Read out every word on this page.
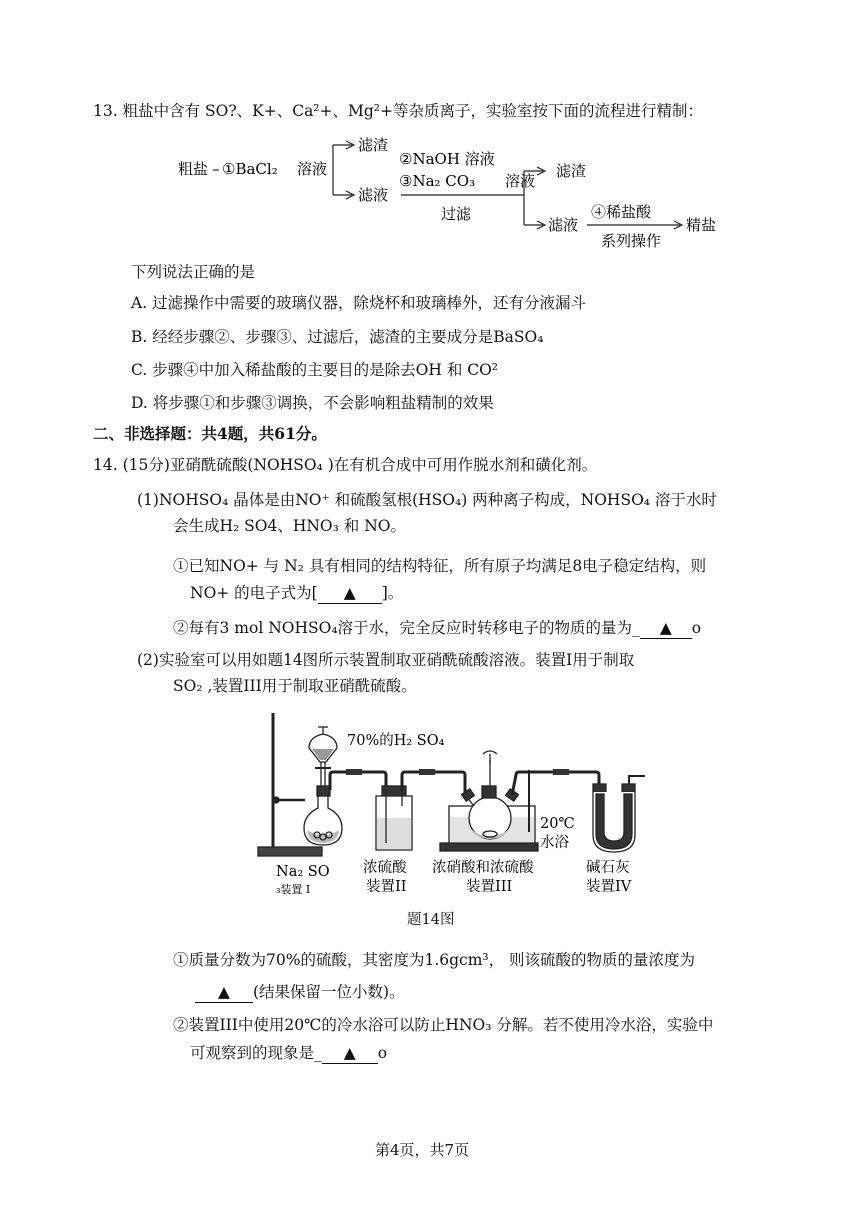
13. 粗盐中含有 SO?、K+、Ca²+、Mg²+等杂质离子，实验室按下面的流程进行精制：
粗盐 – ①BaCl₂ 溶液
滤渣
滤液
②NaOH 溶液
③Na₂ CO₃ 溶液
过滤
滤渣
滤液
④稀盐酸
系列操作
精盐
下列说法正确的是
A. 过滤操作中需要的玻璃仪器，除烧杯和玻璃棒外，还有分液漏斗
B. 经经步骤②、步骤③、过滤后，滤渣的主要成分是BaSO₄
C. 步骤④中加入稀盐酸的主要目的是除去OH 和 CO²
D. 将步骤①和步骤③调换，不会影响粗盐精制的效果
二、非选择题：共4题，共61分。
14. (15分)亚硝酰硫酸(NOHSO₄ )在有机合成中可用作脱水剂和磺化剂。
(1)NOHSO₄ 晶体是由NO⁺ 和硫酸氢根(HSO₄) 两种离子构成，NOHSO₄ 溶于水时
会生成H₂ SO4、HNO₃ 和 NO。
①已知NO+ 与 N₂ 具有相同的结构特征，所有原子均满足8电子稳定结构，则
NO+ 的电子式为[ ▲ ]。
②每有3 mol NOHSO₄溶于水，完全反应时转移电子的物质的量为_ ▲ o
(2)实验室可以用如题14图所示装置制取亚硝酰硫酸溶液。装置I用于制取
SO₂ ,装置III用于制取亚硝酰硫酸。
70%的H₂ SO₄
20℃
水浴
Na₂ SO
₃装置 I
浓硫酸
装置II
浓硝酸和浓硫酸
装置III
碱石灰
装置IV
题14图
①质量分数为70%的硫酸，其密度为1.6gcm³， 则该硫酸的物质的量浓度为
▲ (结果保留一位小数)。
②装置III中使用20℃的冷水浴可以防止HNO₃ 分解。若不使用冷水浴，实验中
可观察到的现象是_ ▲ o
第4页，共7页
